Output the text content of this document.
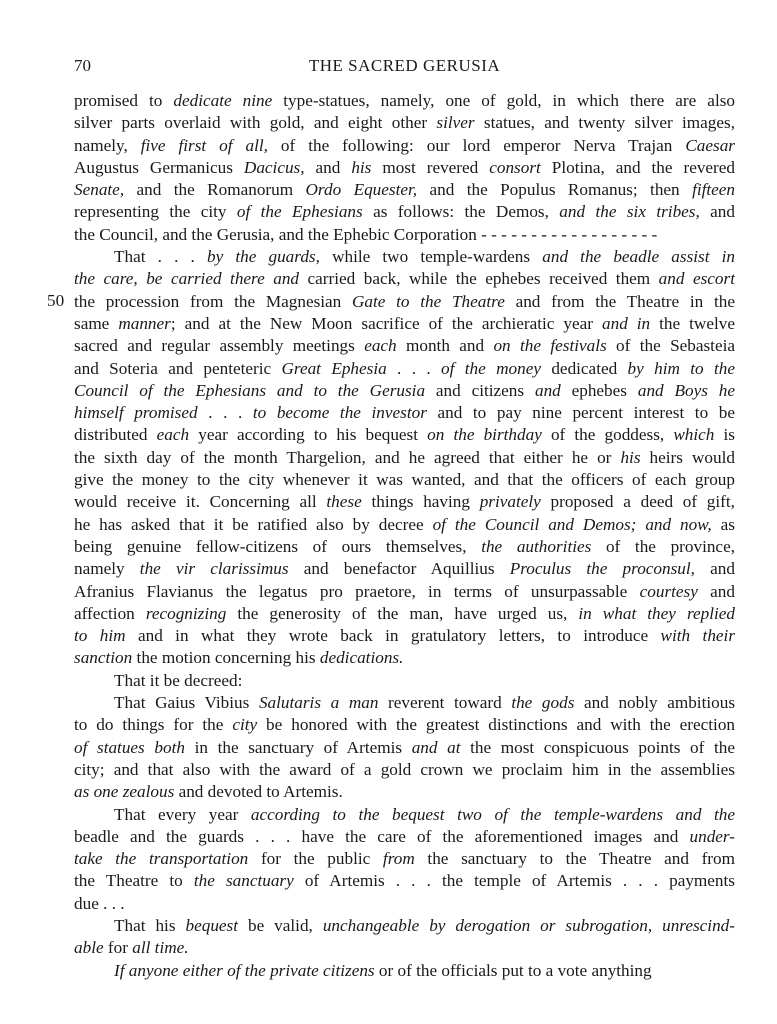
70	THE SACRED GERUSIA
50
promised to dedicate nine type-statues, namely, one of gold, in which there are also
silver parts overlaid with gold, and eight other silver statues, and twenty silver images,
namely, five first of all, of the following: our lord emperor Nerva Trajan Caesar
Augustus Germanicus Dacicus, and his most revered consort Plotina, and the revered
Senate, and the Romanorum Ordo Equester, and the Populus Romanus; then fifteen
representing the city of the Ephesians as follows: the Demos, and the six tribes, and
the Council, and the Gerusia, and the Ephebic Corporation - - - - - - - - - - - - - - - - - -
That . . . by the guards, while two temple-wardens and the beadle assist in
the care, be carried there and carried back, while the ephebes received them and escort
the procession from the Magnesian Gate to the Theatre and from the Theatre in the
same manner; and at the New Moon sacrifice of the archieratic year and in the twelve
sacred and regular assembly meetings each month and on the festivals of the Sebasteia
and Soteria and penteteric Great Ephesia . . . of the money dedicated by him to the
Council of the Ephesians and to the Gerusia and citizens and ephebes and Boys he
himself promised . . . to become the investor and to pay nine percent interest to be
distributed each year according to his bequest on the birthday of the goddess, which is
the sixth day of the month Thargelion, and he agreed that either he or his heirs would
give the money to the city whenever it was wanted, and that the officers of each group
would receive it. Concerning all these things having privately proposed a deed of gift,
he has asked that it be ratified also by decree of the Council and Demos; and now, as
being genuine fellow-citizens of ours themselves, the authorities of the province,
namely the vir clarissimus and benefactor Aquillius Proculus the proconsul, and
Afranius Flavianus the legatus pro praetore, in terms of unsurpassable courtesy and
affection recognizing the generosity of the man, have urged us, in what they replied
to him and in what they wrote back in gratulatory letters, to introduce with their
sanction the motion concerning his dedications.
That it be decreed:
That Gaius Vibius Salutaris a man reverent toward the gods and nobly ambitious
to do things for the city be honored with the greatest distinctions and with the erection
of statues both in the sanctuary of Artemis and at the most conspicuous points of the
city; and that also with the award of a gold crown we proclaim him in the assemblies
as one zealous and devoted to Artemis.
That every year according to the bequest two of the temple-wardens and the
beadle and the guards . . . have the care of the aforementioned images and under-
take the transportation for the public from the sanctuary to the Theatre and from
the Theatre to the sanctuary of Artemis . . . the temple of Artemis . . . payments
due . . .
That his bequest be valid, unchangeable by derogation or subrogation, unrescind-
able for all time.
If anyone either of the private citizens or of the officials put to a vote anything
